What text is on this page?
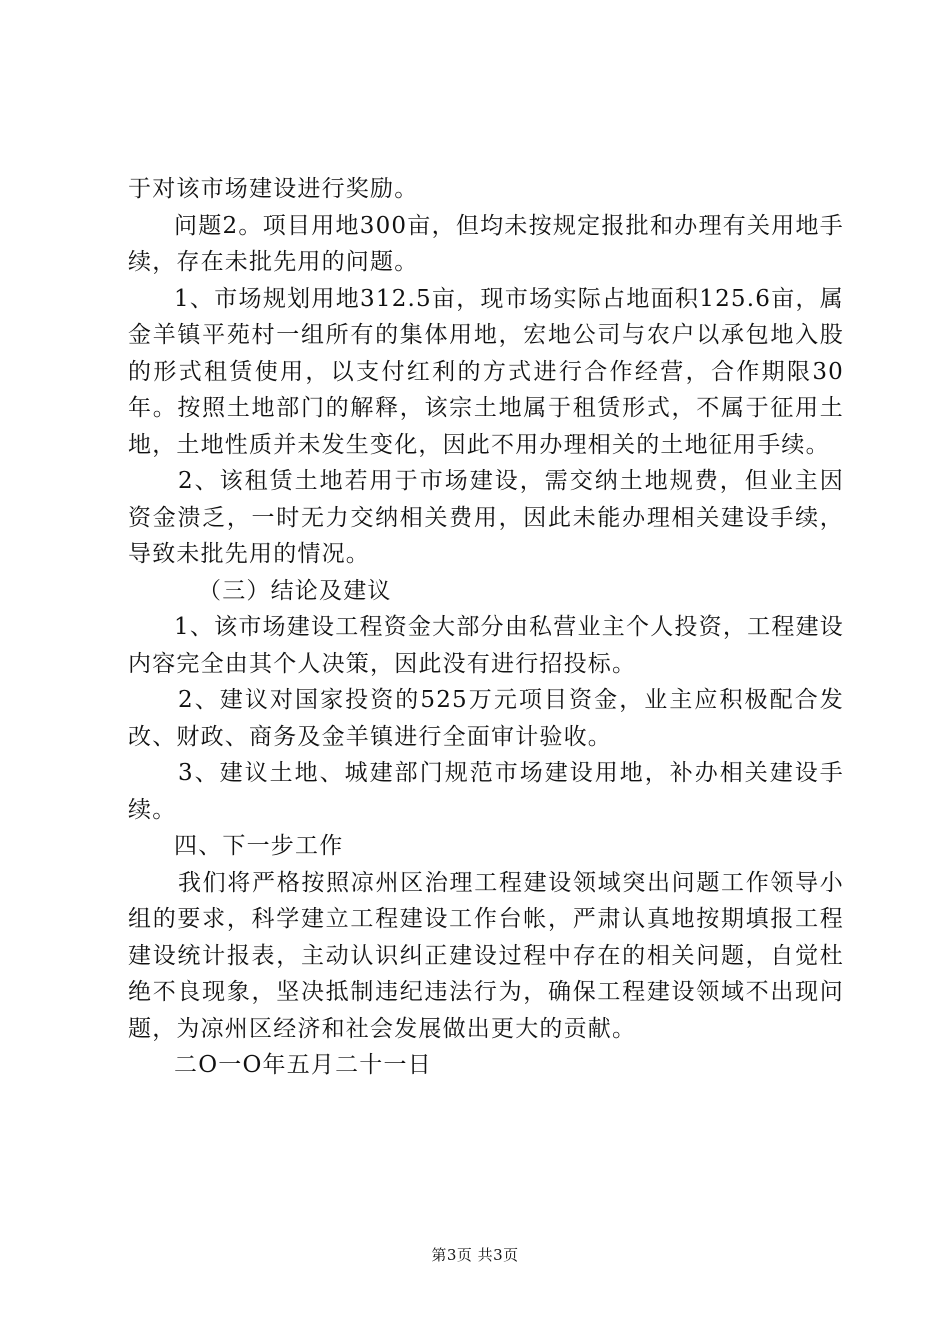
于对该市场建设进行奖励。

问题2。项目用地300亩，但均未按规定报批和办理有关用地手续，存在未批先用的问题。

1、市场规划用地312.5亩，现市场实际占地面积125.6亩，属金羊镇平苑村一组所有的集体用地，宏地公司与农户以承包地入股的形式租赁使用，以支付红利的方式进行合作经营，合作期限30年。按照土地部门的解释，该宗土地属于租赁形式，不属于征用土地，土地性质并未发生变化，因此不用办理相关的土地征用手续。

2、该租赁土地若用于市场建设，需交纳土地规费，但业主因资金溃乏，一时无力交纳相关费用，因此未能办理相关建设手续，导致未批先用的情况。

（三）结论及建议

1、该市场建设工程资金大部分由私营业主个人投资，工程建设内容完全由其个人决策，因此没有进行招投标。

2、建议对国家投资的525万元项目资金，业主应积极配合发改、财政、商务及金羊镇进行全面审计验收。

3、建议土地、城建部门规范市场建设用地，补办相关建设手续。

四、下一步工作

我们将严格按照凉州区治理工程建设领域突出问题工作领导小组的要求，科学建立工程建设工作台帐，严肃认真地按期填报工程建设统计报表，主动认识纠正建设过程中存在的相关问题，自觉杜绝不良现象，坚决抵制违纪违法行为，确保工程建设领域不出现问题，为凉州区经济和社会发展做出更大的贡献。

二O一O年五月二十一日

第3页 共3页
